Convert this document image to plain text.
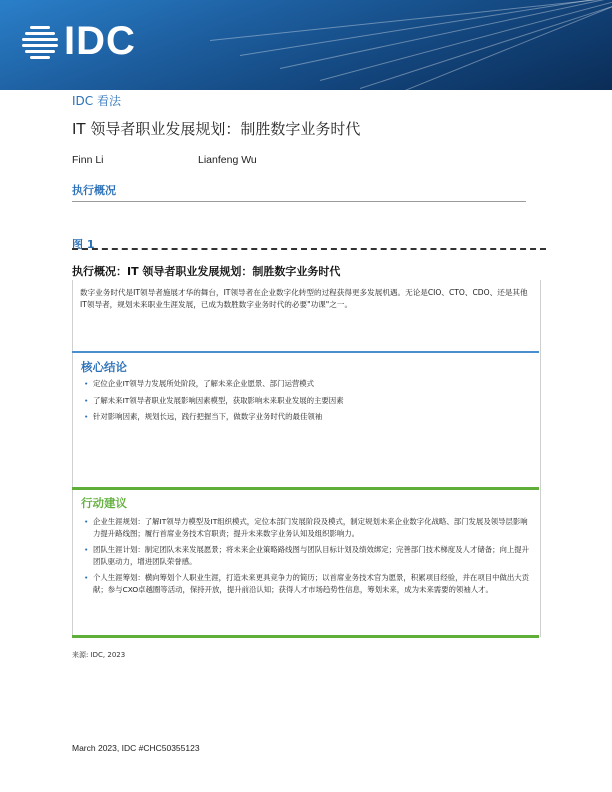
IDC
IDC 看法
IT 领导者职业发展规划：制胜数字业务时代
Finn Li	Lianfeng Wu
执行概况
图 1
执行概况：IT 领导者职业发展规划：制胜数字业务时代
数字业务时代是IT领导者施展才华的舞台，IT领导者在企业数字化转型的过程获得更多发展机遇。无论是CIO、CTO、CDO、还是其他IT领导者，规划未来职业生涯发展，已成为数胜数字业务时代的必要"功课"之一。
核心结论
• 定位企业IT领导力发展所处阶段，了解未来企业愿景、部门运营模式
• 了解未来IT领导者职业发展影响因素模型，获取影响未来职业发展的主要因素
• 针对影响因素，规划长远，践行把握当下，做数字业务时代的最佳领袖
行动建议
• 企业生涯规划：了解IT领导力模型及IT组织模式，定位本部门发展阶段及模式，制定规划未来企业数字化战略、部门发展及领导层影响力提升路线图；履行首席业务技术官职责；提升未来数字业务认知及组织影响力。
• 团队生涯计划：制定团队未来发展愿景；将未来企业策略路线图与团队目标计划及绩效绑定；完善部门技术梯度及人才储备；向上提升团队驱动力，增进团队荣誉感。
• 个人生涯筹划：横向筹划个人职业生涯，打造未来更具竞争力的简历；以首席业务技术官为愿景，积累项目经验，并在项目中做出大贡献；参与CXO卓越圈等活动，保持开放，提升前沿认知；获得人才市场趋势性信息，筹划未来，成为未来需要的领袖人才。
来源: IDC, 2023
March 2023, IDC #CHC50355123
